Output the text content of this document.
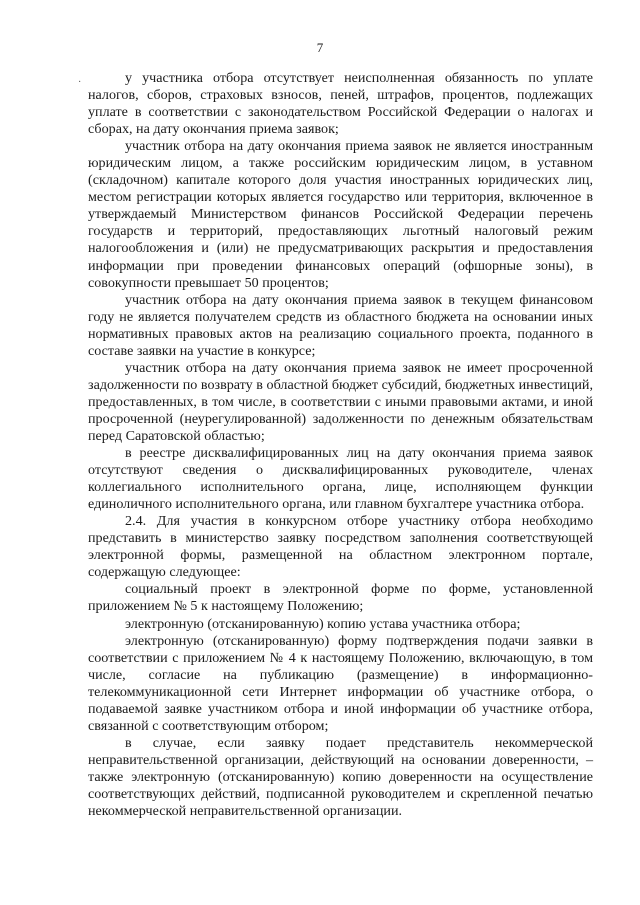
7
·	у участника отбора отсутствует неисполненная обязанность по уплате налогов, сборов, страховых взносов, пеней, штрафов, процентов, подлежащих уплате в соответствии с законодательством Российской Федерации о налогах и сборах, на дату окончания приема заявок;

участник отбора на дату окончания приема заявок не является иностранным юридическим лицом, а также российским юридическим лицом, в уставном (складочном) капитале которого доля участия иностранных юридических лиц, местом регистрации которых является государство или территория, включенное в утверждаемый Министерством финансов Российской Федерации перечень государств и территорий, предоставляющих льготный налоговый режим налогообложения и (или) не предусматривающих раскрытия и предоставления информации при проведении финансовых операций (офшорные зоны), в совокупности превышает 50 процентов;

участник отбора на дату окончания приема заявок в текущем финансовом году не является получателем средств из областного бюджета на основании иных нормативных правовых актов на реализацию социального проекта, поданного в составе заявки на участие в конкурсе;

участник отбора на дату окончания приема заявок не имеет просроченной задолженности по возврату в областной бюджет субсидий, бюджетных инвестиций, предоставленных, в том числе, в соответствии с иными правовыми актами, и иной просроченной (неурегулированной) задолженности по денежным обязательствам перед Саратовской областью;

в реестре дисквалифицированных лиц на дату окончания приема заявок отсутствуют сведения о дисквалифицированных руководителе, членах коллегиального исполнительного органа, лице, исполняющем функции единоличного исполнительного органа, или главном бухгалтере участника отбора.

2.4. Для участия в конкурсном отборе участнику отбора необходимо представить в министерство заявку посредством заполнения соответствующей электронной формы, размещенной на областном электронном портале, содержащую следующее:

социальный проект в электронной форме по форме, установленной приложением № 5 к настоящему Положению;

электронную (отсканированную) копию устава участника отбора;

электронную (отсканированную) форму подтверждения подачи заявки в соответствии с приложением № 4 к настоящему Положению, включающую, в том числе, согласие на публикацию (размещение) в информационно-телекоммуникационной сети Интернет информации об участнике отбора, о подаваемой заявке участником отбора и иной информации об участнике отбора, связанной с соответствующим отбором;

в случае, если заявку подает представитель некоммерческой неправительственной организации, действующий на основании доверенности, – также электронную (отсканированную) копию доверенности на осуществление соответствующих действий, подписанной руководителем и скрепленной печатью некоммерческой неправительственной организации.
